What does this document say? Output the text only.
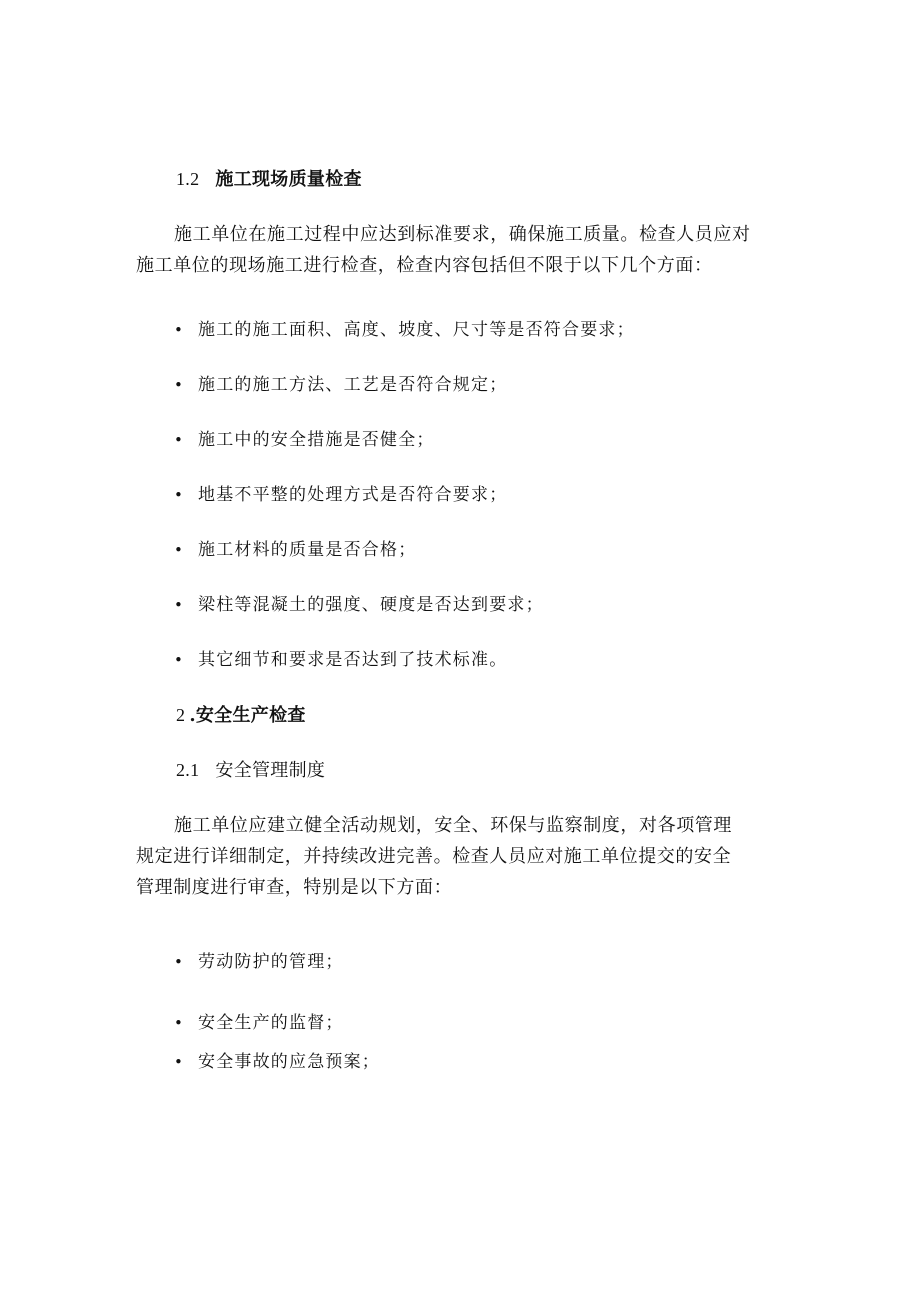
1.2 施工现场质量检查
施工单位在施工过程中应达到标准要求，确保施工质量。检查人员应对
施工单位的现场施工进行检查，检查内容包括但不限于以下几个方面：
• 施工的施工面积、高度、坡度、尺寸等是否符合要求；
• 施工的施工方法、工艺是否符合规定；
• 施工中的安全措施是否健全；
• 地基不平整的处理方式是否符合要求；
• 施工材料的质量是否合格；
• 梁柱等混凝土的强度、硬度是否达到要求；
• 其它细节和要求是否达到了技术标准。
2 .安全生产检查
2.1 安全管理制度
施工单位应建立健全活动规划，安全、环保与监察制度，对各项管理
规定进行详细制定，并持续改进完善。检查人员应对施工单位提交的安全
管理制度进行审查，特别是以下方面：
• 劳动防护的管理；
• 安全生产的监督；
• 安全事故的应急预案；
